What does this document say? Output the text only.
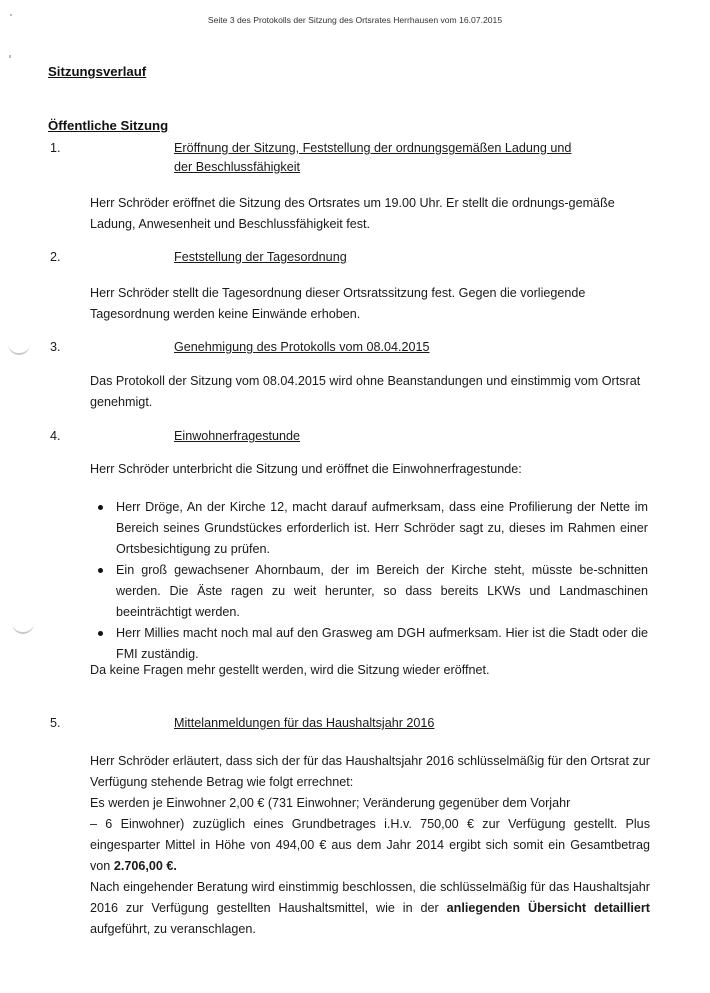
Seite 3 des Protokolls der Sitzung des Ortsrates Herrhausen vom 16.07.2015
Sitzungsverlauf
Öffentliche Sitzung
1.	Eröffnung der Sitzung, Feststellung der ordnungsgemäßen Ladung und
der Beschlussfähigkeit
Herr Schröder eröffnet die Sitzung des Ortsrates um 19.00 Uhr. Er stellt die ordnungs-gemäße Ladung, Anwesenheit und Beschlussfähigkeit fest.
2.	Feststellung der Tagesordnung
Herr Schröder stellt die Tagesordnung dieser Ortsratssitzung fest. Gegen die vorliegende Tagesordnung werden keine Einwände erhoben.
3.	Genehmigung des Protokolls vom 08.04.2015
Das Protokoll der Sitzung vom 08.04.2015 wird ohne Beanstandungen und einstimmig vom Ortsrat genehmigt.
4.	Einwohnerfragestunde
Herr Schröder unterbricht die Sitzung und eröffnet die Einwohnerfragestunde:
Herr Dröge, An der Kirche 12, macht darauf aufmerksam, dass eine Profilierung der Nette im Bereich seines Grundstückes erforderlich ist. Herr Schröder sagt zu, dieses im Rahmen einer Ortsbesichtigung zu prüfen.
Ein groß gewachsener Ahornbaum, der im Bereich der Kirche steht, müsste be-schnitten werden. Die Äste ragen zu weit herunter, so dass bereits LKWs und Landmaschinen beeinträchtigt werden.
Herr Millies macht noch mal auf den Grasweg am DGH aufmerksam. Hier ist die Stadt oder die FMI zuständig.
Da keine Fragen mehr gestellt werden, wird die Sitzung wieder eröffnet.
5.	Mittelanmeldungen für das Haushaltsjahr 2016
Herr Schröder erläutert, dass sich der für das Haushaltsjahr 2016 schlüsselmäßig für den Ortsrat zur Verfügung stehende Betrag wie folgt errechnet:
Es werden je Einwohner 2,00 € (731 Einwohner; Veränderung gegenüber dem Vorjahr
– 6 Einwohner) zuzüglich eines Grundbetrages i.H.v. 750,00 € zur Verfügung gestellt. Plus eingesparter Mittel in Höhe von 494,00 € aus dem Jahr 2014 ergibt sich somit ein Gesamtbetrag von 2.706,00 €.
Nach eingehender Beratung wird einstimmig beschlossen, die schlüsselmäßig für das Haushaltsjahr 2016 zur Verfügung gestellten Haushaltsmittel, wie in der anliegenden Übersicht detailliert aufgeführt, zu veranschlagen.
